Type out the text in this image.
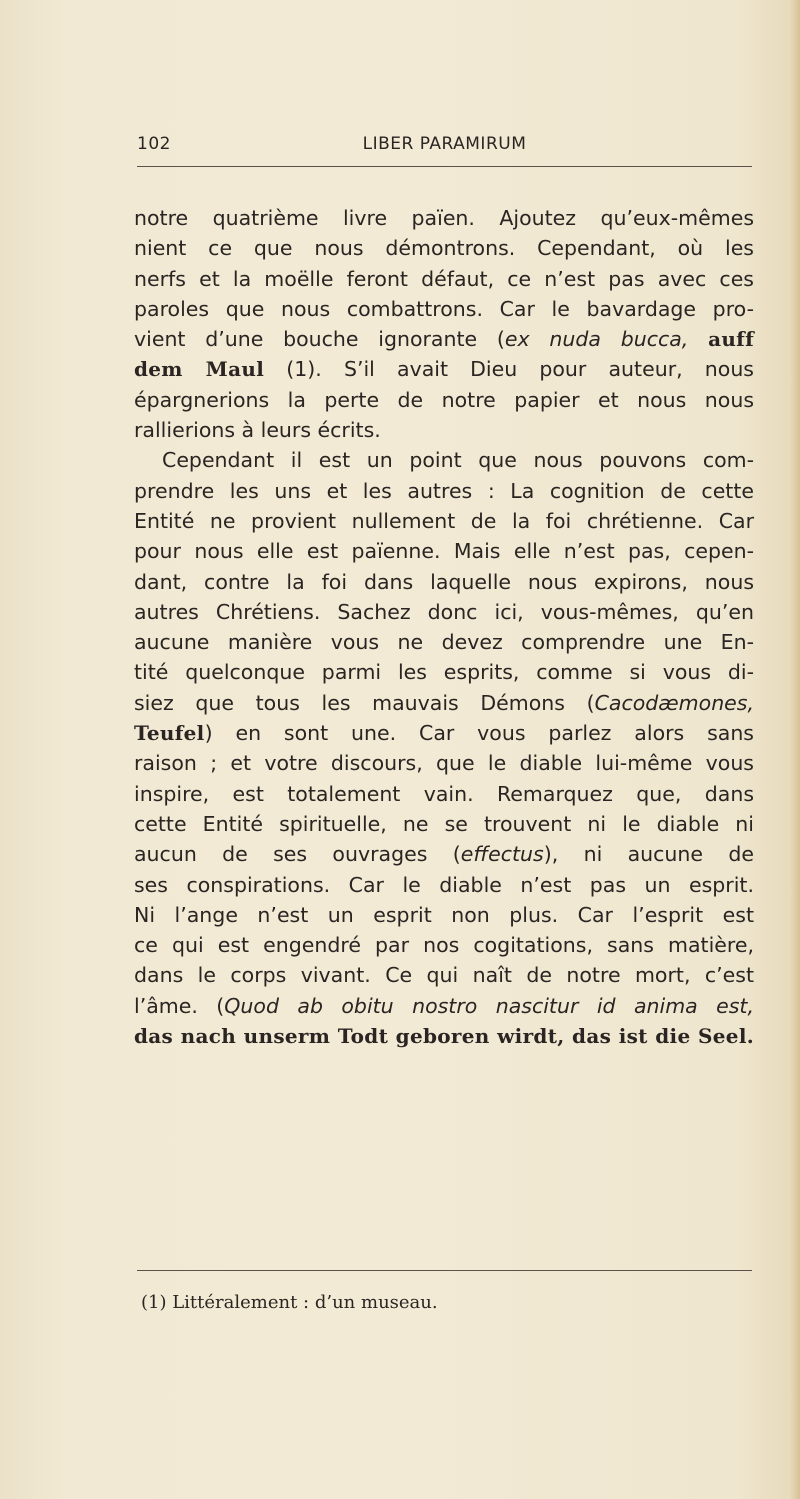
102	LIBER PARAMIRUM
notre quatrième livre païen. Ajoutez qu’eux-mêmes
nient ce que nous démontrons. Cependant, où les
nerfs et la moëlle feront défaut, ce n’est pas avec ces
paroles que nous combattrons. Car le bavardage pro-
vient d’une bouche ignorante (ex nuda bucca, auff
dem Maul (1). S’il avait Dieu pour auteur, nous
épargnerions la perte de notre papier et nous nous
rallierions à leurs écrits.
Cependant il est un point que nous pouvons com-
prendre les uns et les autres : La cognition de cette
Entité ne provient nullement de la foi chrétienne. Car
pour nous elle est païenne. Mais elle n’est pas, cepen-
dant, contre la foi dans laquelle nous expirons, nous
autres Chrétiens. Sachez donc ici, vous-mêmes, qu’en
aucune manière vous ne devez comprendre une En-
tité quelconque parmi les esprits, comme si vous di-
siez que tous les mauvais Démons (Cacodæmones,
Teufel) en sont une. Car vous parlez alors sans
raison ; et votre discours, que le diable lui-même vous
inspire, est totalement vain. Remarquez que, dans
cette Entité spirituelle, ne se trouvent ni le diable ni
aucun de ses ouvrages (effectus), ni aucune de
ses conspirations. Car le diable n’est pas un esprit.
Ni l’ange n’est un esprit non plus. Car l’esprit est
ce qui est engendré par nos cogitations, sans matière,
dans le corps vivant. Ce qui naît de notre mort, c’est
l’âme. (Quod ab obitu nostro nascitur id anima est,
das nach unserm Todt geboren wirdt, das ist die Seel.
(1) Littéralement : d’un museau.
